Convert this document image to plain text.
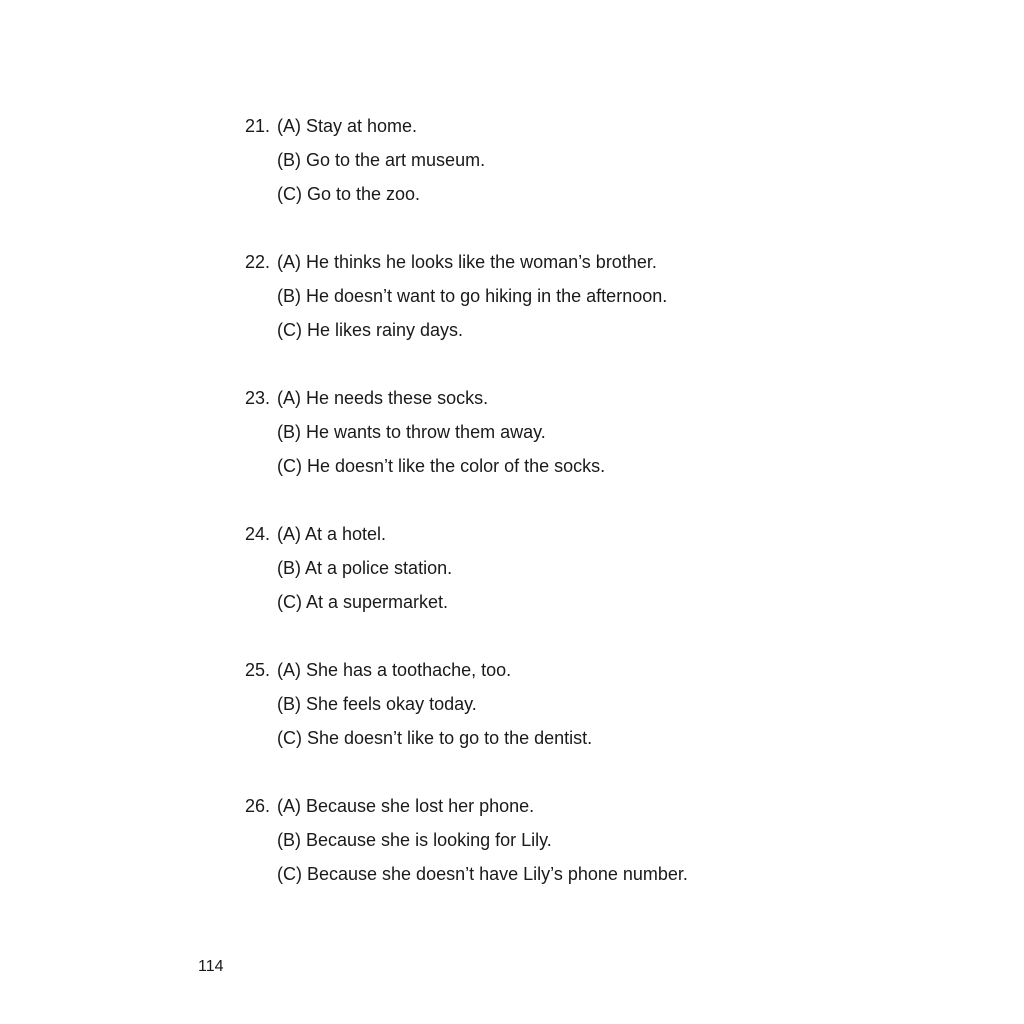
21. (A) Stay at home.
(B) Go to the art museum.
(C) Go to the zoo.
22. (A) He thinks he looks like the woman’s brother.
(B) He doesn’t want to go hiking in the afternoon.
(C) He likes rainy days.
23. (A) He needs these socks.
(B) He wants to throw them away.
(C) He doesn’t like the color of the socks.
24. (A) At a hotel.
(B) At a police station.
(C) At a supermarket.
25. (A) She has a toothache, too.
(B) She feels okay today.
(C) She doesn’t like to go to the dentist.
26. (A) Because she lost her phone.
(B) Because she is looking for Lily.
(C) Because she doesn’t have Lily’s phone number.
114
